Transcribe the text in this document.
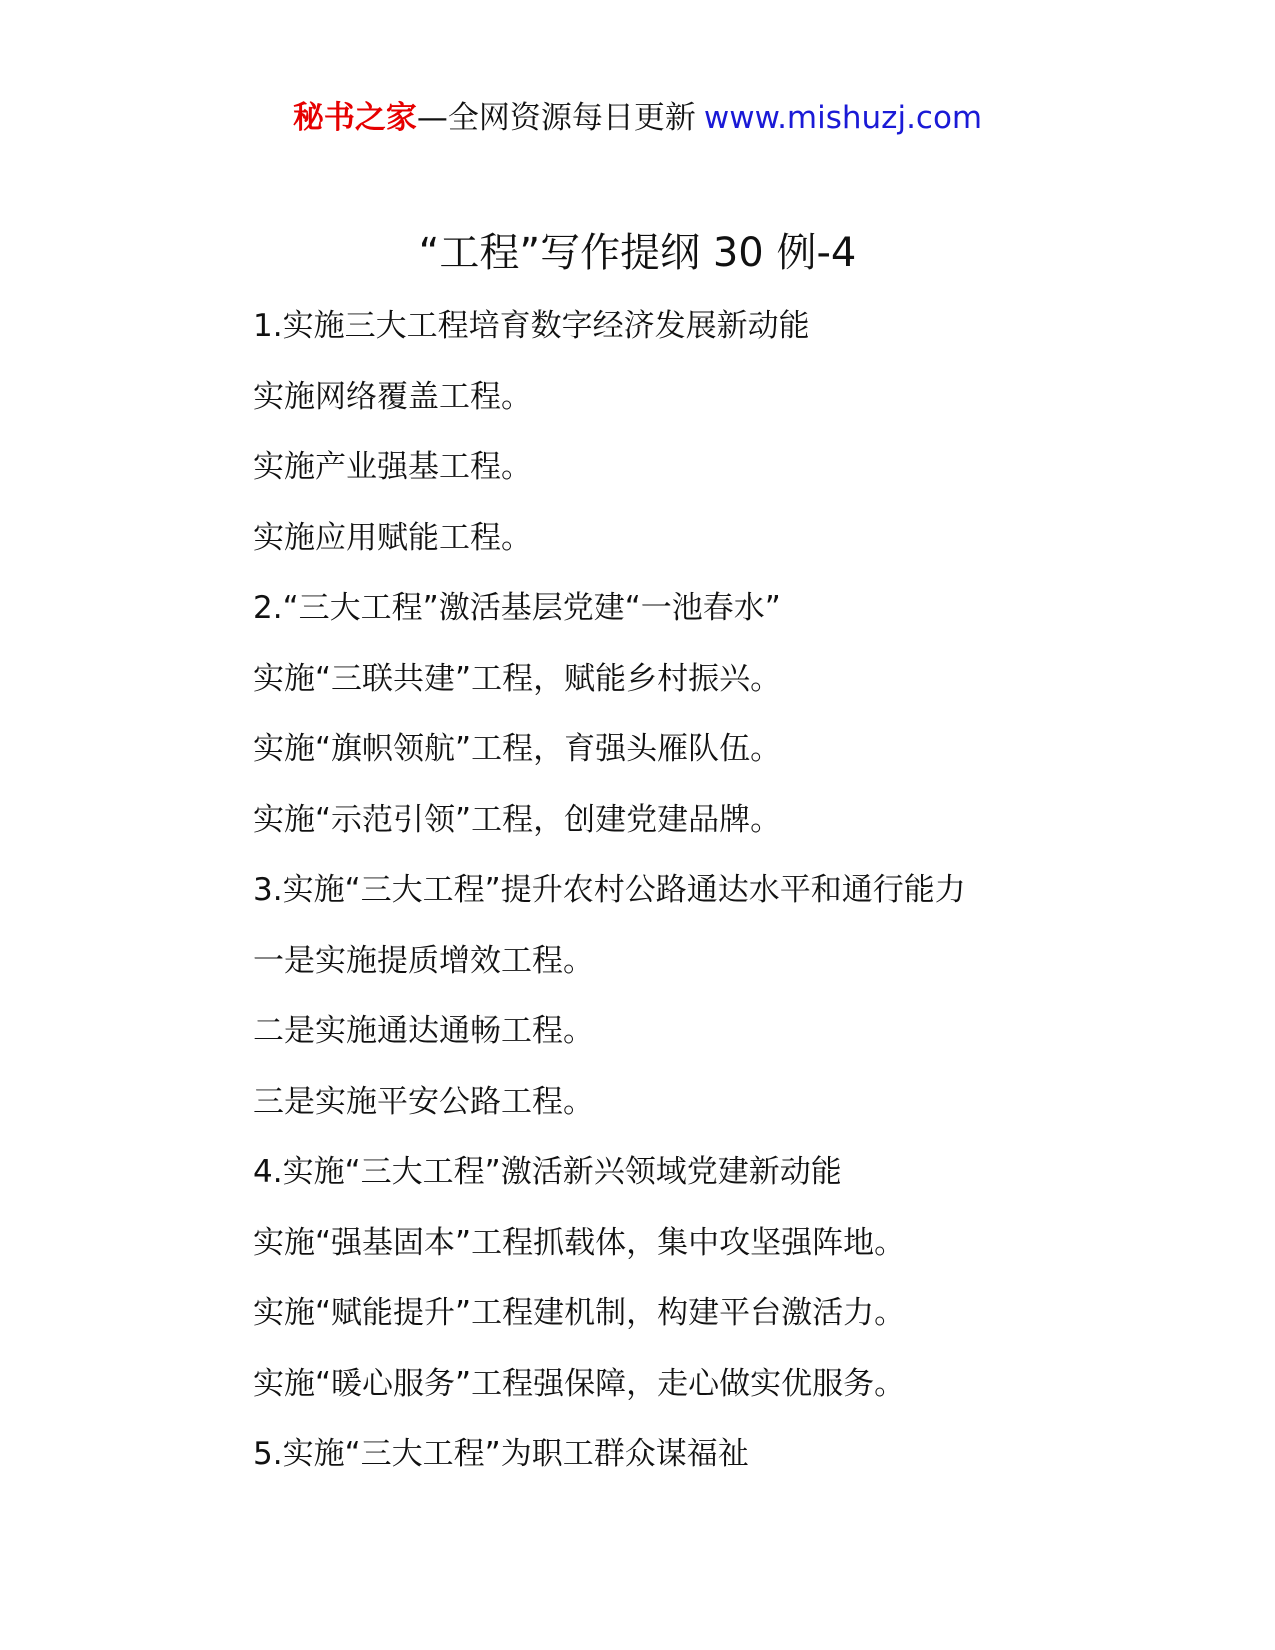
秘书之家—全网资源每日更新 www.mishuzj.com
“工程”写作提纲 30 例-4
1.实施三大工程培育数字经济发展新动能
实施网络覆盖工程。
实施产业强基工程。
实施应用赋能工程。
2.“三大工程”激活基层党建“一池春水”
实施“三联共建”工程，赋能乡村振兴。
实施“旗帜领航”工程，育强头雁队伍。
实施“示范引领”工程，创建党建品牌。
3.实施“三大工程”提升农村公路通达水平和通行能力
一是实施提质增效工程。
二是实施通达通畅工程。
三是实施平安公路工程。
4.实施“三大工程”激活新兴领域党建新动能
实施“强基固本”工程抓载体，集中攻坚强阵地。
实施“赋能提升”工程建机制，构建平台激活力。
实施“暖心服务”工程强保障，走心做实优服务。
5.实施“三大工程”为职工群众谋福祉
